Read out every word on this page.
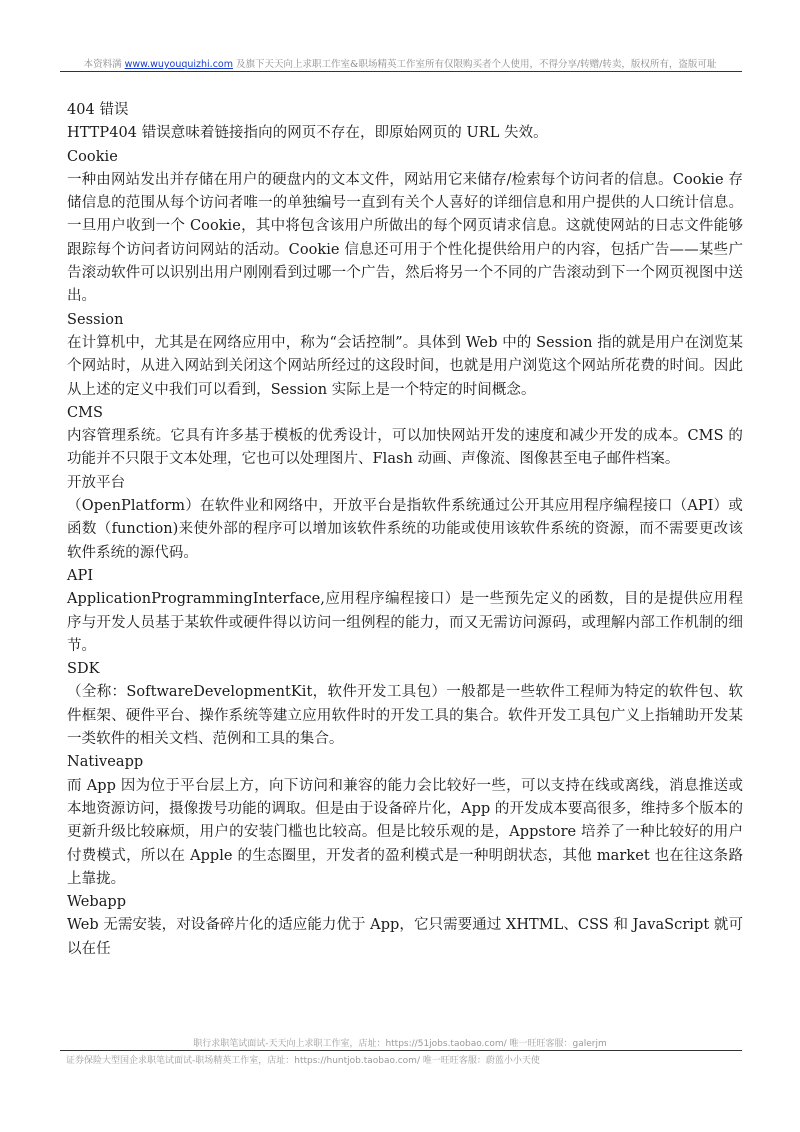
本资料满 www.wuyouquizhi.com 及旗下天天向上求职工作室&职场精英工作室所有仅限购买者个人使用，不得分享/转赠/转卖，版权所有，盗版可耻

404 错误

HTTP404 错误意味着链接指向的网页不存在，即原始网页的 URL 失效。

Cookie

一种由网站发出并存储在用户的硬盘内的文本文件，网站用它来储存/检索每个访问者的信息。Cookie 存储信息的范围从每个访问者唯一的单独编号一直到有关个人喜好的详细信息和用户提供的人口统计信息。一旦用户收到一个 Cookie，其中将包含该用户所做出的每个网页请求信息。这就使网站的日志文件能够跟踪每个访问者访问网站的活动。Cookie 信息还可用于个性化提供给用户的内容，包括广告——某些广告滚动软件可以识别出用户刚刚看到过哪一个广告，然后将另一个不同的广告滚动到下一个网页视图中送出。

Session

在计算机中，尤其是在网络应用中，称为“会话控制”。具体到 Web 中的 Session 指的就是用户在浏览某个网站时，从进入网站到关闭这个网站所经过的这段时间，也就是用户浏览这个网站所花费的时间。因此从上述的定义中我们可以看到，Session 实际上是一个特定的时间概念。

CMS

内容管理系统。它具有许多基于模板的优秀设计，可以加快网站开发的速度和减少开发的成本。CMS 的功能并不只限于文本处理，它也可以处理图片、Flash 动画、声像流、图像甚至电子邮件档案。

开放平台

（OpenPlatform）在软件业和网络中，开放平台是指软件系统通过公开其应用程序编程接口（API）或函数（function)来使外部的程序可以增加该软件系统的功能或使用该软件系统的资源，而不需要更改该软件系统的源代码。

API

ApplicationProgrammingInterface,应用程序编程接口）是一些预先定义的函数，目的是提供应用程序与开发人员基于某软件或硬件得以访问一组例程的能力，而又无需访问源码，或理解内部工作机制的细节。

SDK

（全称：SoftwareDevelopmentKit，软件开发工具包）一般都是一些软件工程师为特定的软件包、软件框架、硬件平台、操作系统等建立应用软件时的开发工具的集合。软件开发工具包广义上指辅助开发某一类软件的相关文档、范例和工具的集合。

Nativeapp

而 App 因为位于平台层上方，向下访问和兼容的能力会比较好一些，可以支持在线或离线，消息推送或本地资源访问，摄像拨号功能的调取。但是由于设备碎片化，App 的开发成本要高很多，维持多个版本的更新升级比较麻烦，用户的安装门槛也比较高。但是比较乐观的是，Appstore 培养了一种比较好的用户付费模式，所以在 Apple 的生态圈里，开发者的盈利模式是一种明朗状态，其他 market 也在往这条路上靠拢。

Webapp

Web 无需安装，对设备碎片化的适应能力优于 App，它只需要通过 XHTML、CSS 和 JavaScript 就可以在任

职行求职笔试面试-天天向上求职工作室，店址：https://51jobs.taobao.com/ 唯一旺旺客服：galerjm
证券保险大型国企求职笔试面试-职场精英工作室，店址：https://huntjob.taobao.com/ 唯一旺旺客服：蔚蓝小小天使
